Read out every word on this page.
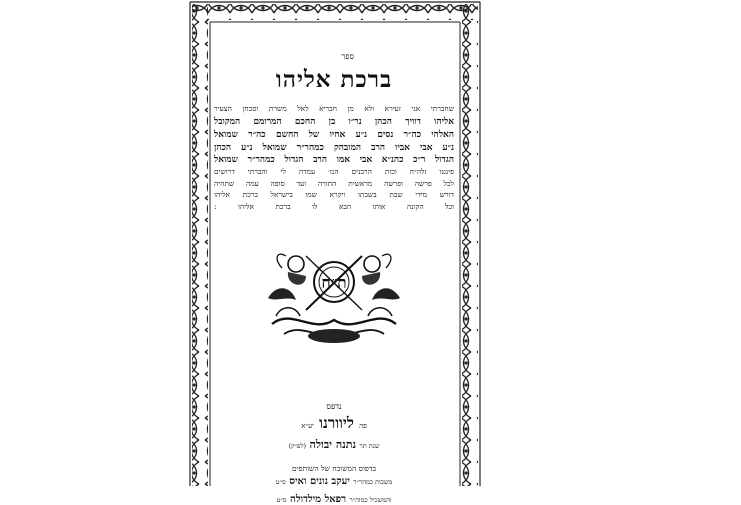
ספר
ברכת אליהו
שחברתי אני זעירא ולא מן חבריא לאל משרת וסכחן הצעיר
אליהו דוויך הכהן נר״ו בן החכם המרומם המקובל
האלהי כה״ר נסים נ״ע אחיו של החשם כה״ר שמואל
נ״ע אבי אביו הרב המובהק כמהר״ר שמואל נ״ע הכהן
הגדול ר״כ כהנ״א אבי אמו הרב הגדול כמהר״ר שמואל
פינטו זלה״ה וכות הרבנים הנז׳ עמדה לי והברתי דרושים
לכל פרשה ופרשה מראשית התורה ועד סופה עמה שתהיה
דורש מידי שבת בשבתו ויקרא שמו בישראל ברכת אליהו
וכל הקונה אותו הבא לו ברכת אליהו :
ת״ח
נדפס
פה ליוורנו יע״א
שנת תר נתנה יבולה (לפ״ק)
בדפוס המשובח של השותפים
משכות כמהר״ר יעקב נונים ואיס ס״ט
והמשכיל כמוה״ר רפאל מילדולה ס״ט
